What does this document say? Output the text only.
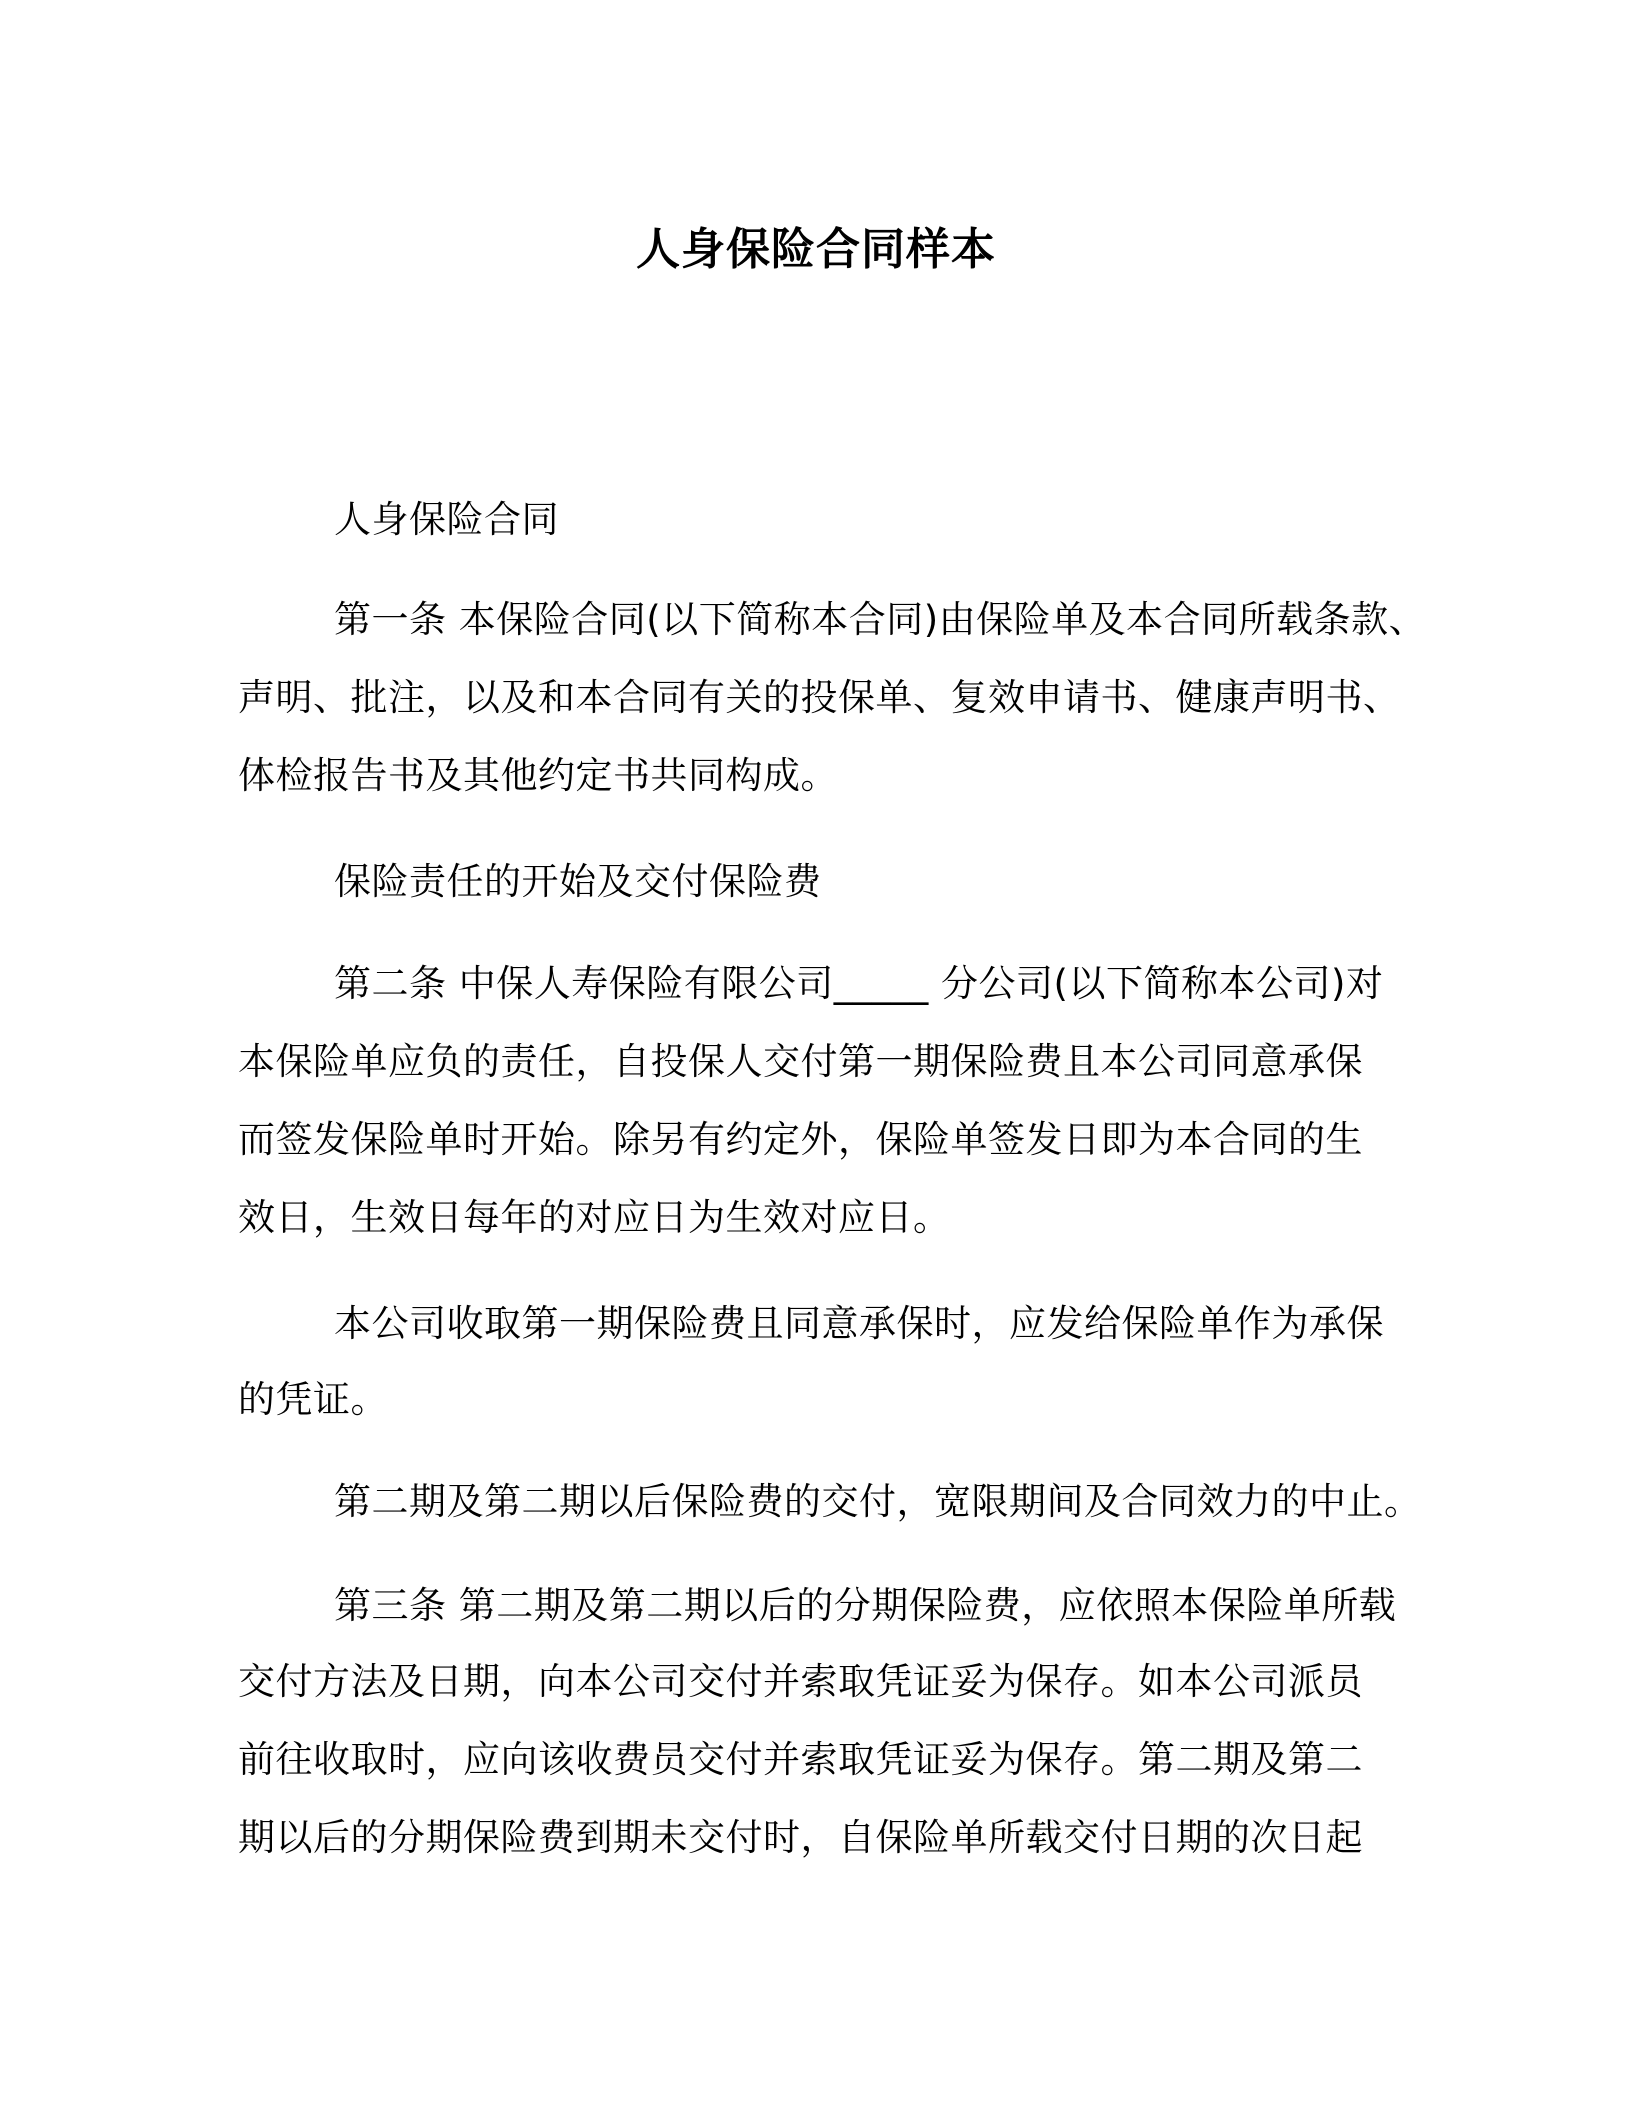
人身保险合同样本

人身保险合同

第一条 本保险合同(以下简称本合同)由保险单及本合同所载条款、

声明、批注，以及和本合同有关的投保单、复效申请书、健康声明书、

体检报告书及其他约定书共同构成。

保险责任的开始及交付保险费

第二条 中保人寿保险有限公司_____ 分公司(以下简称本公司)对

本保险单应负的责任，自投保人交付第一期保险费且本公司同意承保

而签发保险单时开始。除另有约定外，保险单签发日即为本合同的生

效日，生效日每年的对应日为生效对应日。

本公司收取第一期保险费且同意承保时，应发给保险单作为承保

的凭证。

第二期及第二期以后保险费的交付，宽限期间及合同效力的中止。

第三条 第二期及第二期以后的分期保险费，应依照本保险单所载

交付方法及日期，向本公司交付并索取凭证妥为保存。如本公司派员

前往收取时，应向该收费员交付并索取凭证妥为保存。第二期及第二

期以后的分期保险费到期未交付时，自保险单所载交付日期的次日起
